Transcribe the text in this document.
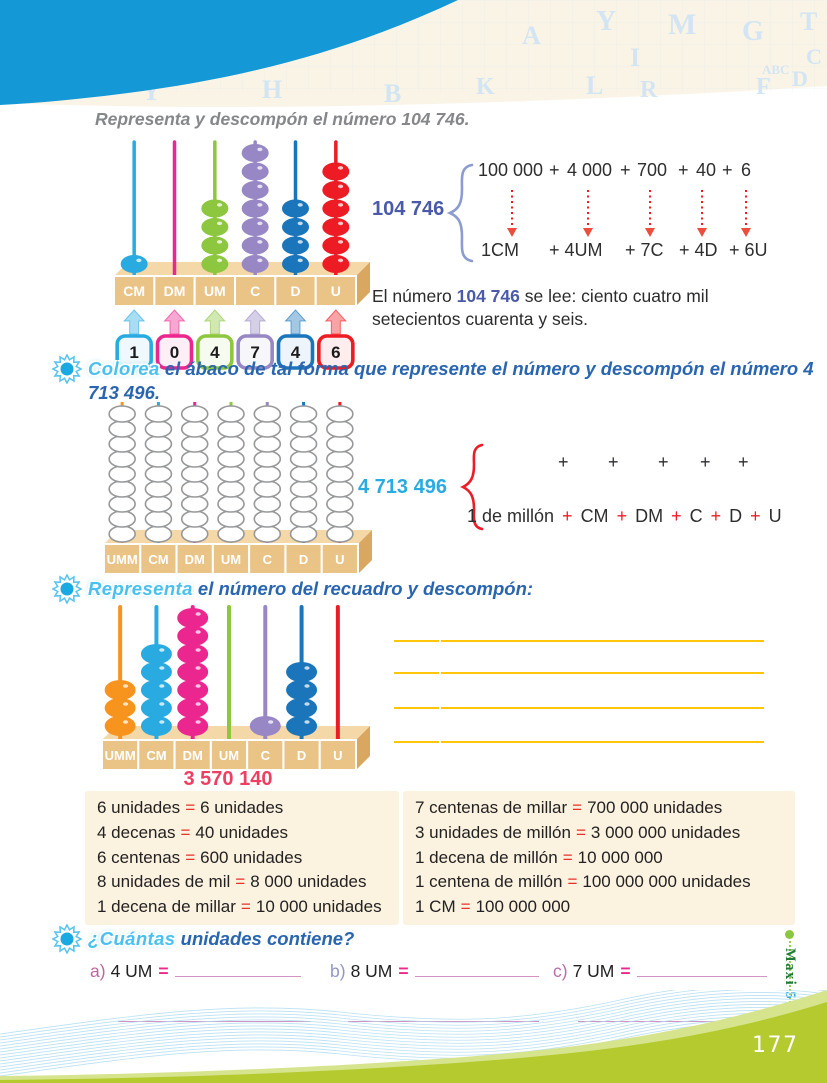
A Y M G T
I
K
C
L R	F D
Y	H	B
ABC
Representa y descompón el número 104 746.
CM DM UM C D U
1 0 4 7 4 6
104 746
100 000 + 4 000 + 700 + 40 + 6
1CM + 4UM + 7C + 4D + 6U
El número 104 746 se lee: ciento cuatro mil setecientos cuarenta y seis.
Colorea el ábaco de tal forma que represente el número y descompón el número 4 713 496.
UMM CM DM UM C D U
4 713 496
+ + + + +
1 de millón + CM + DM + C + D + U
Representa el número del recuadro y descompón:
UMM CM DM UM C D U
3 570 140
6 unidades = 6 unidades
4 decenas = 40 unidades
6 centenas = 600 unidades
8 unidades de mil = 8 000 unidades
1 decena de millar = 10 000 unidades
7 centenas de millar = 700 000 unidades
3 unidades de millón = 3 000 000 unidades
1 decena de millón = 10 000 000
1 centena de millón = 100 000 000 unidades
1 CM = 100 000 000
¿Cuántas unidades contiene?
a) 4 UM =	b) 8 UM =	c) 7 UM =	Maxi 5
177
